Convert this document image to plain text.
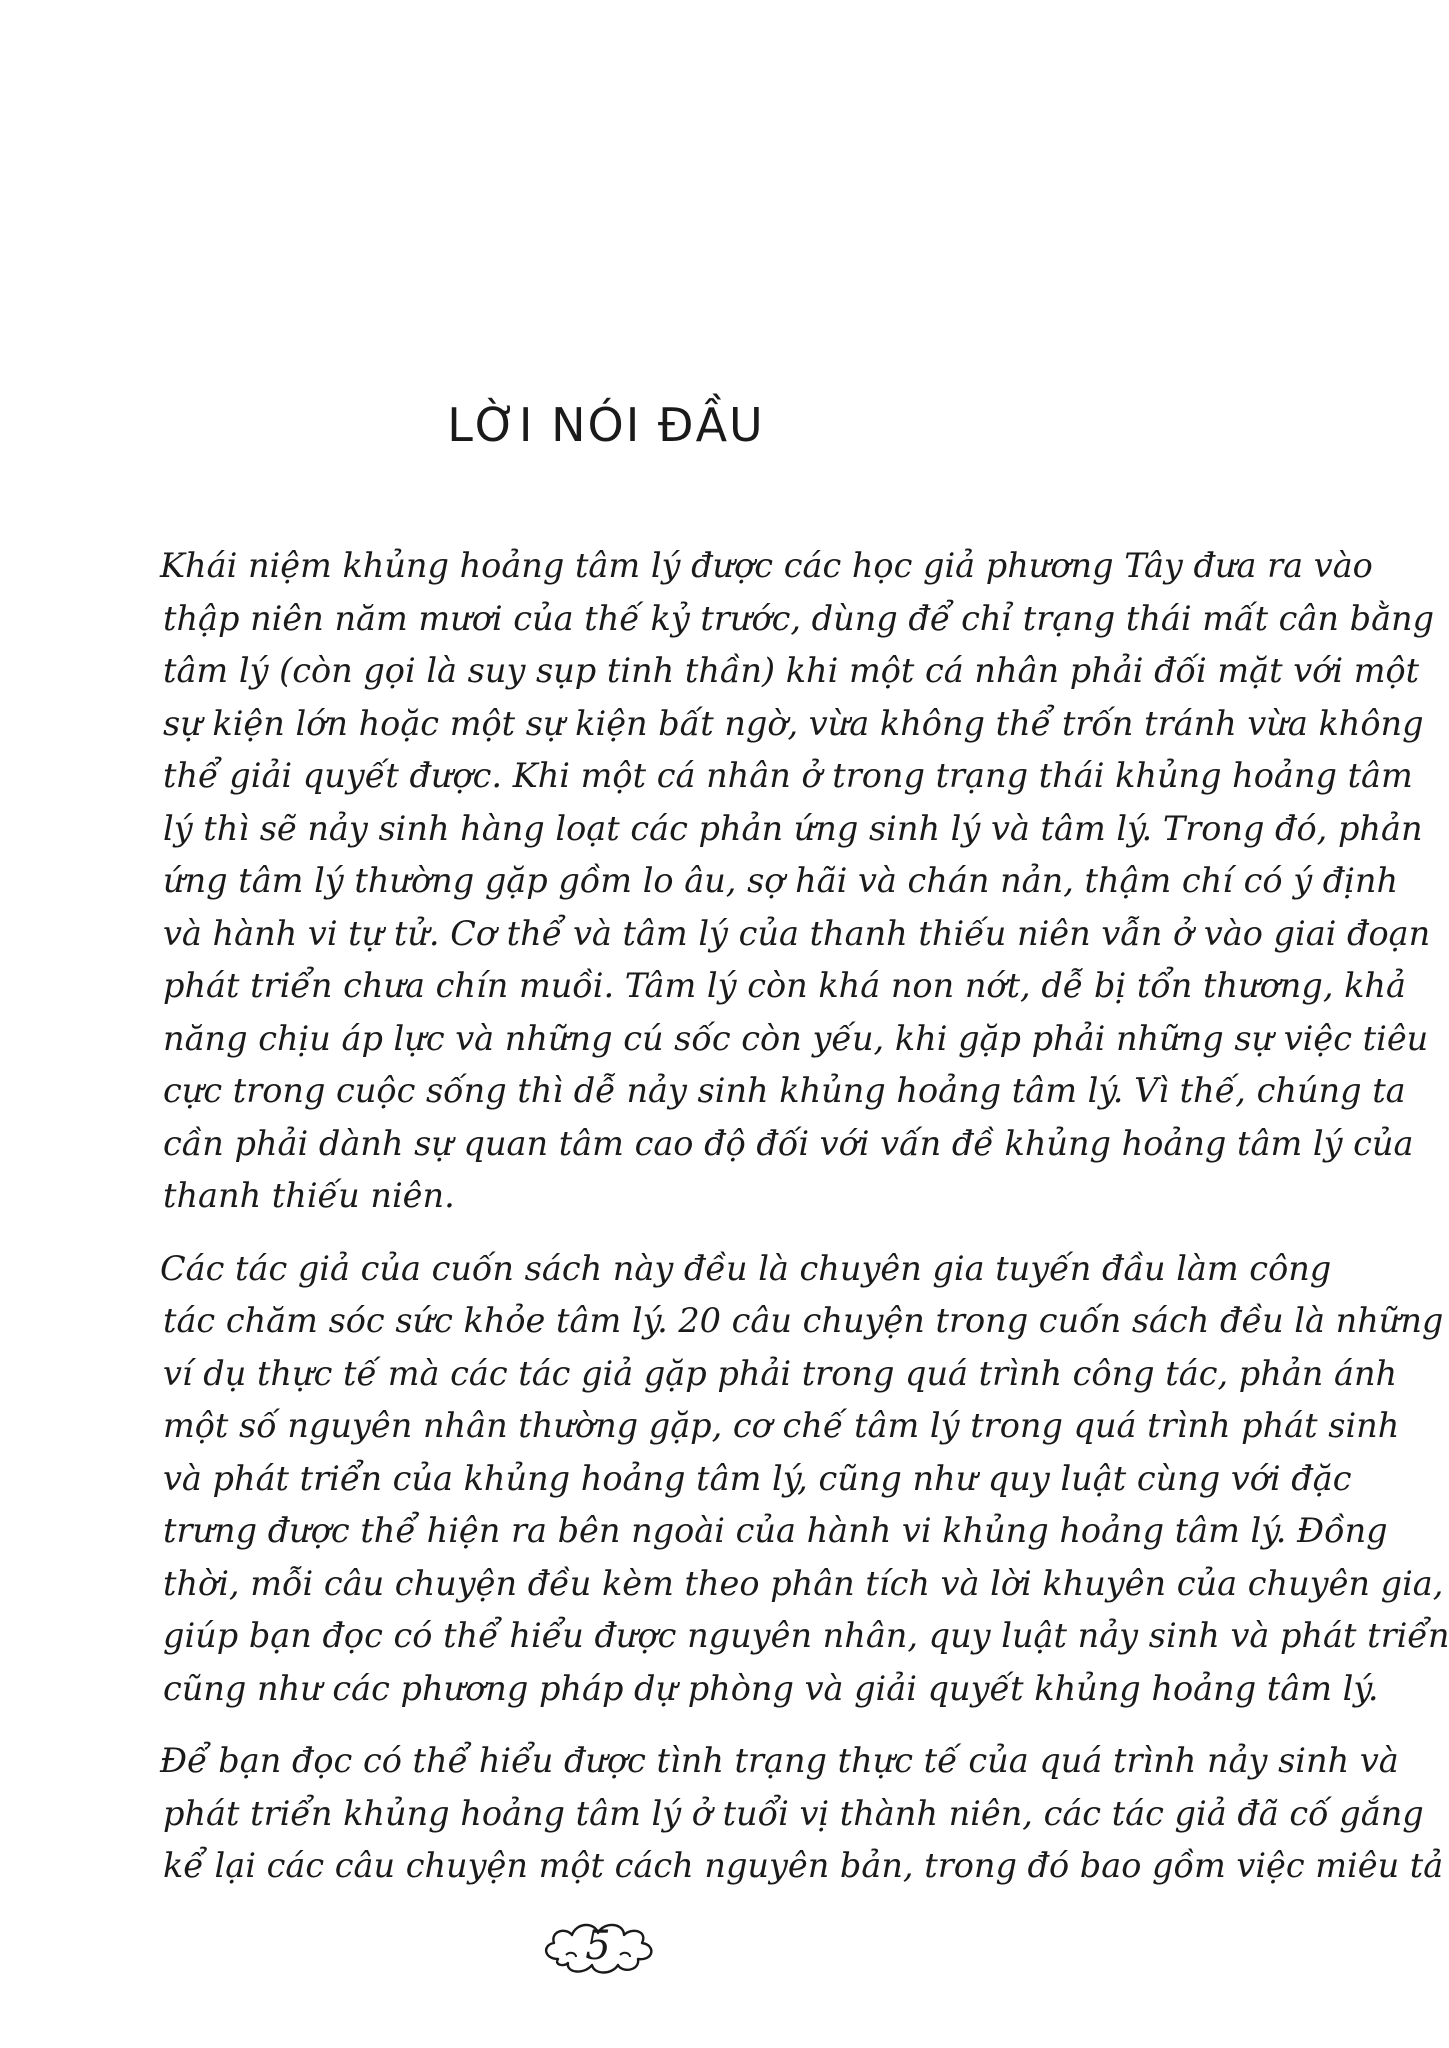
LỜI NÓI ĐẦU

Khái niệm khủng hoảng tâm lý được các học giả phương Tây đưa ra vào
thập niên năm mươi của thế kỷ trước, dùng để chỉ trạng thái mất cân bằng
tâm lý (còn gọi là suy sụp tinh thần) khi một cá nhân phải đối mặt với một
sự kiện lớn hoặc một sự kiện bất ngờ, vừa không thể trốn tránh vừa không
thể giải quyết được. Khi một cá nhân ở trong trạng thái khủng hoảng tâm
lý thì sẽ nảy sinh hàng loạt các phản ứng sinh lý và tâm lý. Trong đó, phản
ứng tâm lý thường gặp gồm lo âu, sợ hãi và chán nản, thậm chí có ý định
và hành vi tự tử. Cơ thể và tâm lý của thanh thiếu niên vẫn ở vào giai đoạn
phát triển chưa chín muồi. Tâm lý còn khá non nớt, dễ bị tổn thương, khả
năng chịu áp lực và những cú sốc còn yếu, khi gặp phải những sự việc tiêu
cực trong cuộc sống thì dễ nảy sinh khủng hoảng tâm lý. Vì thế, chúng ta
cần phải dành sự quan tâm cao độ đối với vấn đề khủng hoảng tâm lý của
thanh thiếu niên.

Các tác giả của cuốn sách này đều là chuyên gia tuyến đầu làm công
tác chăm sóc sức khỏe tâm lý. 20 câu chuyện trong cuốn sách đều là những
ví dụ thực tế mà các tác giả gặp phải trong quá trình công tác, phản ánh
một số nguyên nhân thường gặp, cơ chế tâm lý trong quá trình phát sinh
và phát triển của khủng hoảng tâm lý, cũng như quy luật cùng với đặc
trưng được thể hiện ra bên ngoài của hành vi khủng hoảng tâm lý. Đồng
thời, mỗi câu chuyện đều kèm theo phân tích và lời khuyên của chuyên gia,
giúp bạn đọc có thể hiểu được nguyên nhân, quy luật nảy sinh và phát triển
cũng như các phương pháp dự phòng và giải quyết khủng hoảng tâm lý.

Để bạn đọc có thể hiểu được tình trạng thực tế của quá trình nảy sinh và
phát triển khủng hoảng tâm lý ở tuổi vị thành niên, các tác giả đã cố gắng
kể lại các câu chuyện một cách nguyên bản, trong đó bao gồm việc miêu tả

5
